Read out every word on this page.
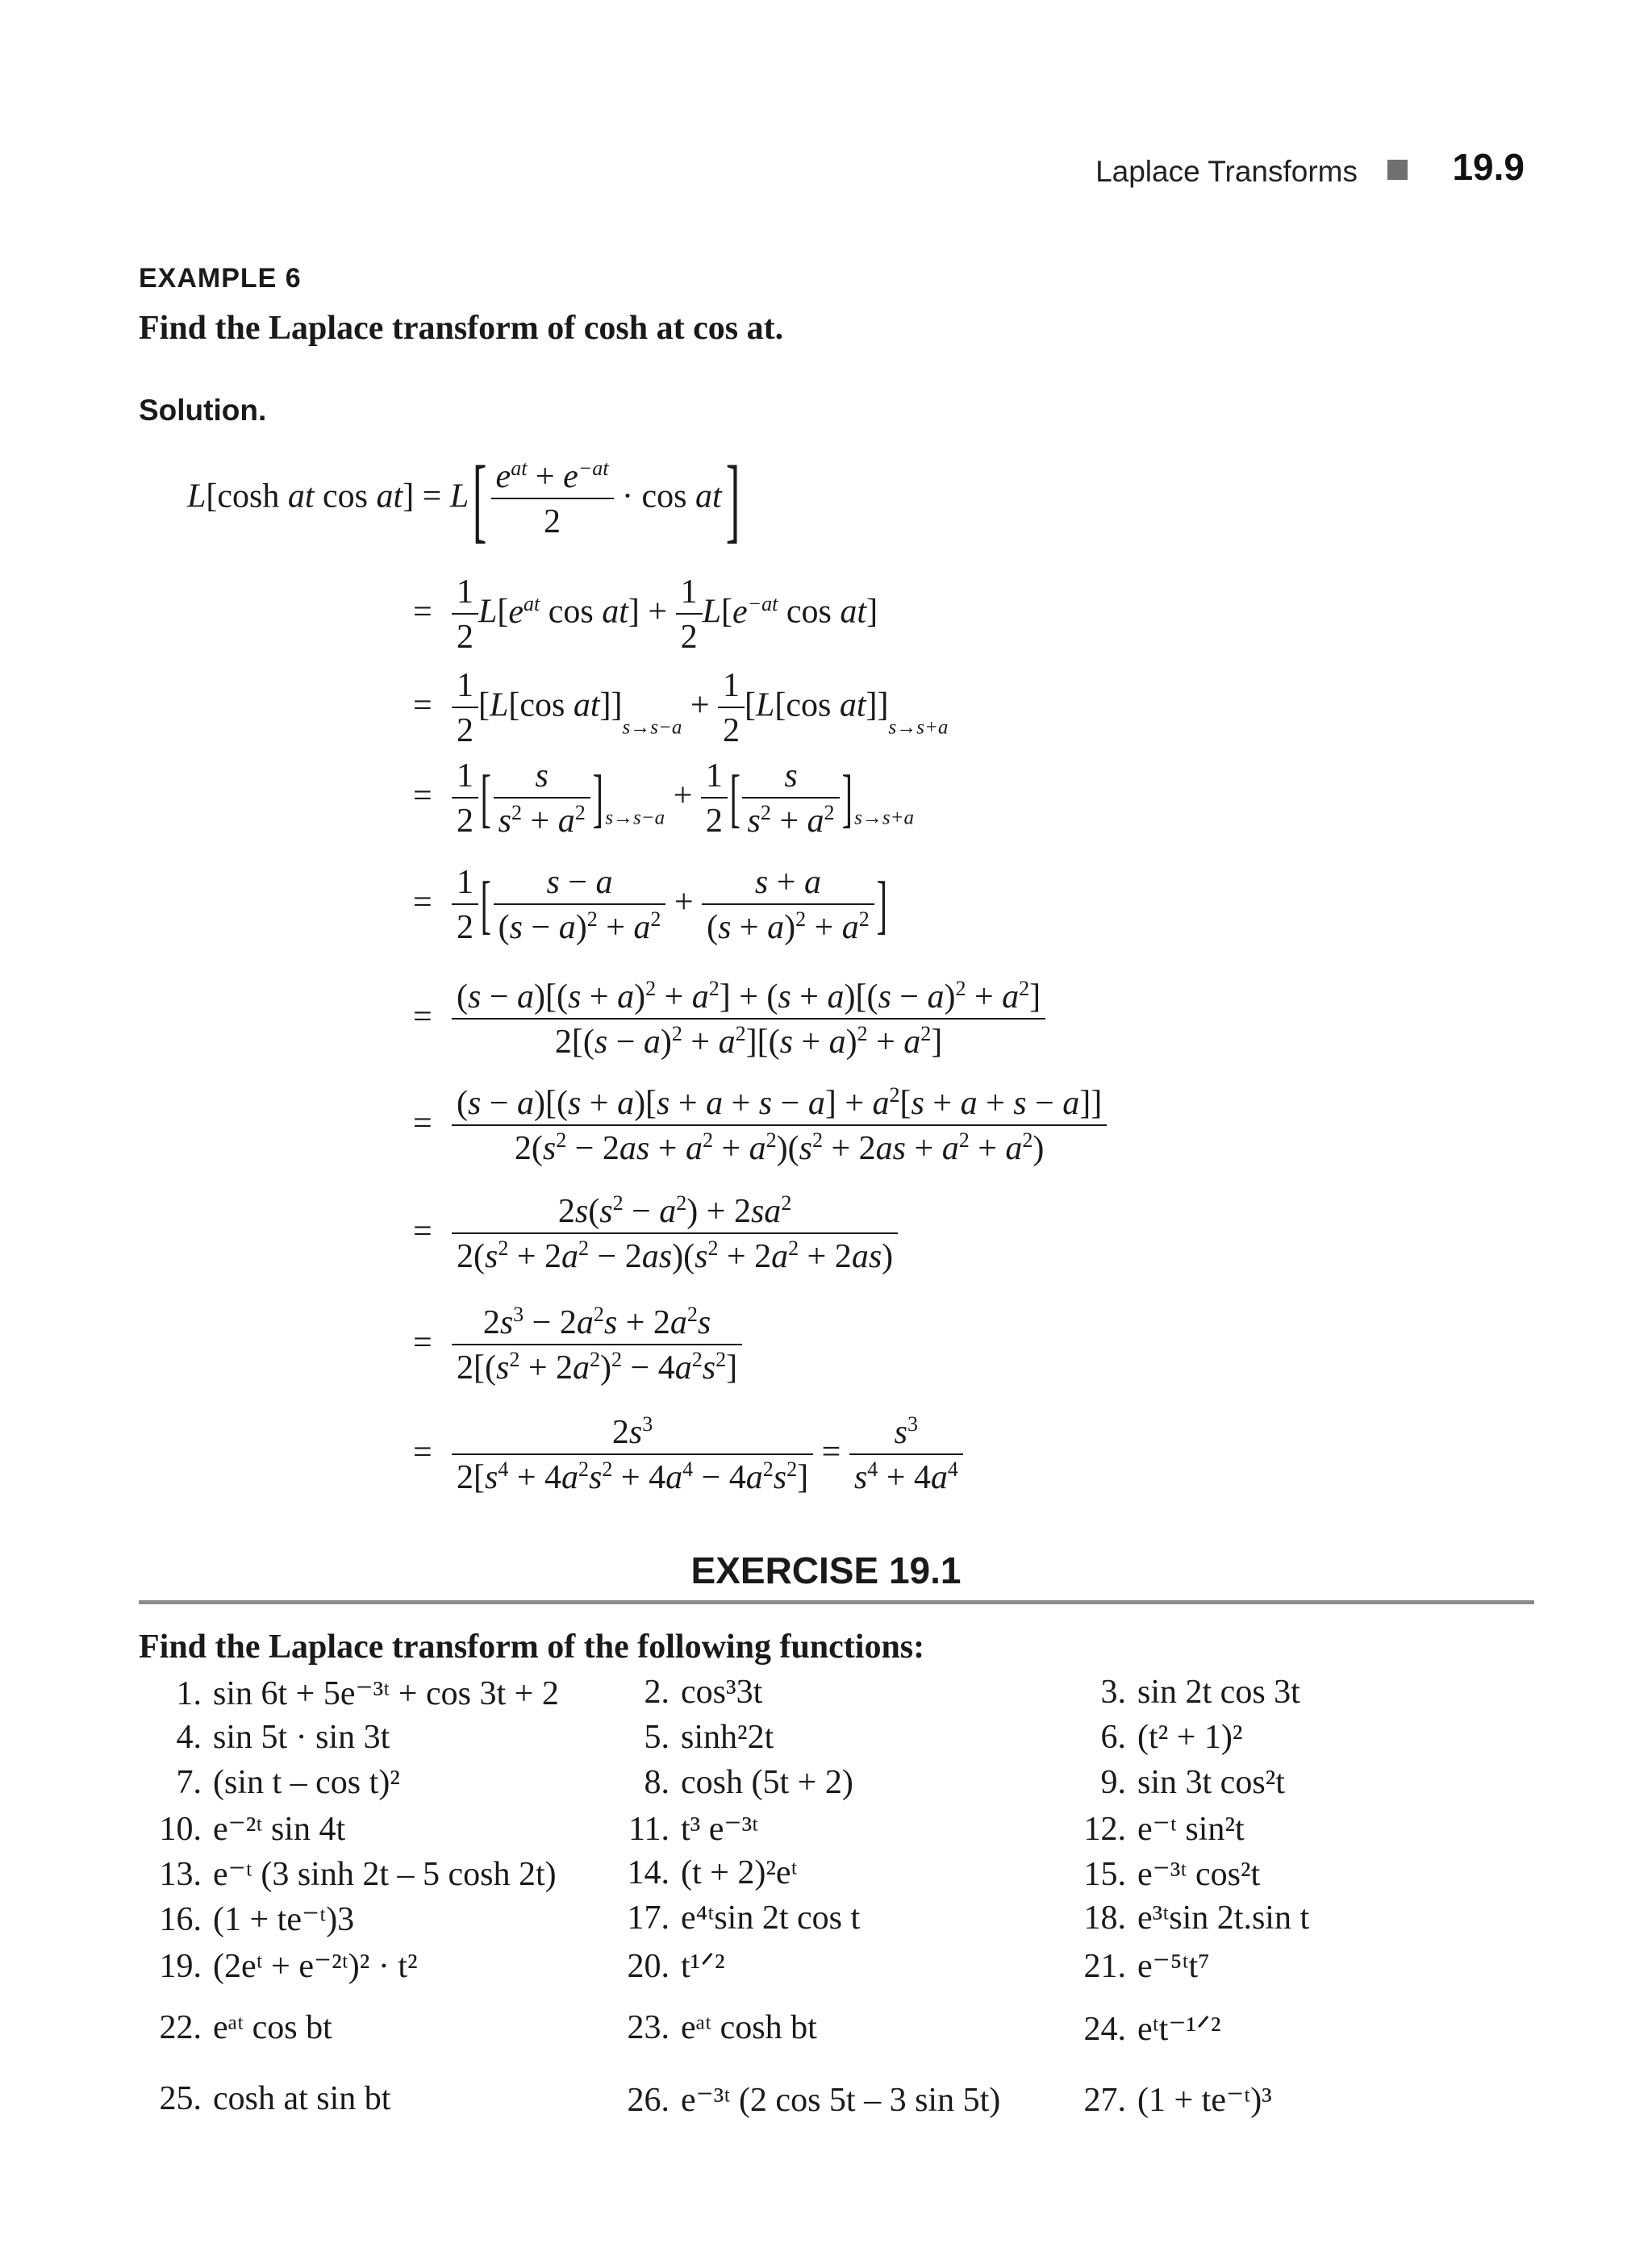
Laplace Transforms	19.9
EXAMPLE 6
Find the Laplace transform of cosh at cos at.
Solution.
L[cosh at $\cos at] = L[ \frac{e^{at} + e^{-at}}{2} \cdot \cos at]$
= $\frac{1}{2} L[e^{at}$ $\cos at] + \frac{1}{2} L[e^{-at}$ cos at]
= $\frac{1}{2} [L[\cos$ $at]]_{s\to s-a} + \frac{1}{2} [L[\cos$ $at]]_{s\to s+a}$
= $\frac{1}{2}$ [ $\frac{s}{s^2 + a^2}$ ] $_{s\to s-a} + \frac{1}{2}$ [ $\frac{s}{s^2 + a^2}$ ] $_{s\to s+a}$
= $\frac{1}{2}$ [ $\frac{s - a}{(s - a)^2 + a^2} + \frac{s + a}{(s + a)^2 + a^2}$ ]
= $\frac{(s - a)[(s + a)^2 + a^2] + (s + a)[(s - a)^2 + a^2]}{2[(s - a)^2 + a^2][(s + a)^2 + a^2]}$
= $\frac{(s - a)[(s + a)[s + a + s - a] + a^2[s + a + s - a]]}{2(s^2 - 2as + a^2 + a^2)(s^2 + 2as + a^2 + a^2)}$
= $\frac{2s(s^2 - a^2) + 2sa^2}{2(s^2 + 2a^2 - 2as)(s^2 + 2a^2 + 2as)}$
= $\frac{2s^3 - 2a^2s + 2a^2s}{2[(s^2 + 2a^2)^2 - 4a^2s^2]}$
= $\frac{2s^3}{2[s^4 + 4a^2s^2 + 4a^4 - 4a^2s^2]} = \frac{s^3}{s^4 + 4a^4}$
EXERCISE 19.1
Find the Laplace transform of the following functions:
1. sin 6t + 5e⁻³ᵗ + cos 3t + 2	2. cos³3t	3. sin 2t cos 3t
4. sin 5t · sin 3t	5. sinh²2t	6. (t² + 1)²
7. (sin t – cos t)²	8. cosh (5t + 2)	9. sin 3t cos²t
10. e⁻²ᵗ sin 4t	11. t³ e⁻³ᵗ	12. e⁻ᵗ sin²t
13. e⁻ᵗ (3 sinh 2t – 5 cosh 2t)	14. (t + 2)²eᵗ	15. e⁻³ᵗ cos²t
16. (1 + te⁻ᵗ)3	17. e⁴ᵗsin 2t cos t	18. e³ᵗsin 2t.sin t
19. (2eᵗ + e⁻²ᵗ)² · t²	20. t¹ᐟ²	21. e⁻⁵ᵗt⁷
22. eᵃᵗ cos bt	23. eᵃᵗ cosh bt	24. eᵗt⁻¹ᐟ²
25. cosh at sin bt	26. e⁻³ᵗ (2 cos 5t – 3 sin 5t)	27. (1 + te⁻ᵗ)³
